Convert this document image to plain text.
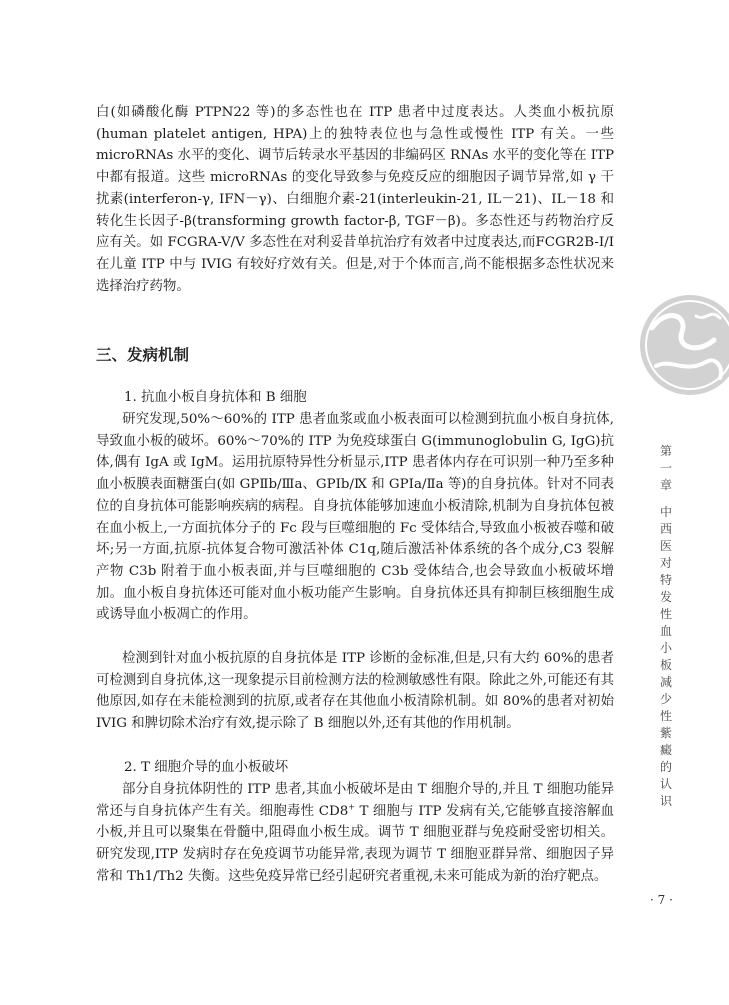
白(如磷酸化酶 PTPN22 等)的多态性也在 ITP 患者中过度表达。人类血小板抗原(human platelet antigen, HPA)上的独特表位也与急性或慢性 ITP 有关。一些 microRNAs 水平的变化、调节后转录水平基因的非编码区 RNAs 水平的变化等在 ITP 中都有报道。这些 microRNAs 的变化导致参与免疫反应的细胞因子调节异常,如 γ 干扰素(interferon-γ, IFN－γ)、白细胞介素-21(interleukin-21, IL－21)、IL－18 和转化生长因子-β(transforming growth factor-β, TGF－β)。多态性还与药物治疗反应有关。如 FCGRA-V/V 多态性在对利妥昔单抗治疗有效者中过度表达,而FCGR2B-I/I 在儿童 ITP 中与 IVIG 有较好疗效有关。但是,对于个体而言,尚不能根据多态性状况来选择治疗药物。

三、发病机制

1. 抗血小板自身抗体和 B 细胞

研究发现,50%～60%的 ITP 患者血浆或血小板表面可以检测到抗血小板自身抗体,导致血小板的破坏。60%～70%的 ITP 为免疫球蛋白 G(immunoglobulin G, IgG)抗体,偶有 IgA 或 IgM。运用抗原特异性分析显示,ITP 患者体内存在可识别一种乃至多种血小板膜表面糖蛋白(如 GPⅡb/Ⅲa、GPⅠb/Ⅸ 和 GPⅠa/Ⅱa 等)的自身抗体。针对不同表位的自身抗体可能影响疾病的病程。自身抗体能够加速血小板清除,机制为自身抗体包被在血小板上,一方面抗体分子的 Fc 段与巨噬细胞的 Fc 受体结合,导致血小板被吞噬和破坏;另一方面,抗原-抗体复合物可激活补体 C1q,随后激活补体系统的各个成分,C3 裂解产物 C3b 附着于血小板表面,并与巨噬细胞的 C3b 受体结合,也会导致血小板破坏增加。血小板自身抗体还可能对血小板功能产生影响。自身抗体还具有抑制巨核细胞生成或诱导血小板凋亡的作用。

检测到针对血小板抗原的自身抗体是 ITP 诊断的金标准,但是,只有大约 60%的患者可检测到自身抗体,这一现象提示目前检测方法的检测敏感性有限。除此之外,可能还有其他原因,如存在未能检测到的抗原,或者存在其他血小板清除机制。如 80%的患者对初始 IVIG 和脾切除术治疗有效,提示除了 B 细胞以外,还有其他的作用机制。

2. T 细胞介导的血小板破坏

部分自身抗体阴性的 ITP 患者,其血小板破坏是由 T 细胞介导的,并且 T 细胞功能异常还与自身抗体产生有关。细胞毒性 CD8+ T 细胞与 ITP 发病有关,它能够直接溶解血小板,并且可以聚集在骨髓中,阻碍血小板生成。调节 T 细胞亚群与免疫耐受密切相关。研究发现,ITP 发病时存在免疫调节功能异常,表现为调节 T 细胞亚群异常、细胞因子异常和 Th1/Th2 失衡。这些免疫异常已经引起研究者重视,未来可能成为新的治疗靶点。

第一章
中西医对特发性血小板减少性紫癜的认识
· 7 ·
